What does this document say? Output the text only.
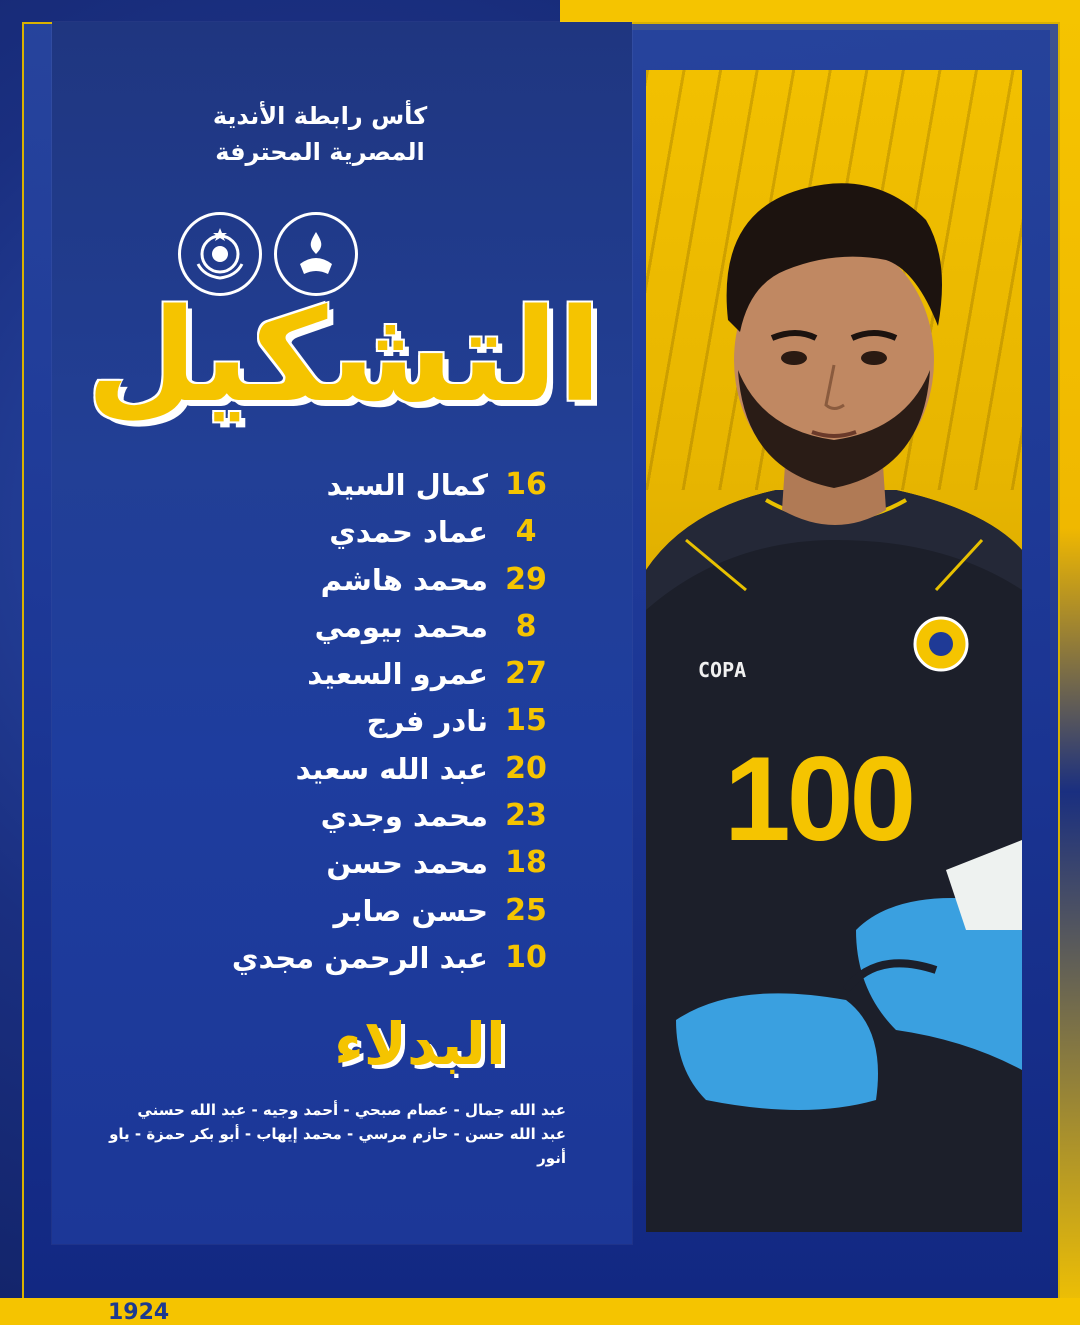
كأس رابطة الأندية
المصرية المحترفة
التشكيل
16
كمال السيد
4
عماد حمدي
29
محمد هاشم
8
محمد بيومي
27
عمرو السعيد
15
نادر فرج
20
عبد الله سعيد
23
محمد وجدي
18
محمد حسن
25
حسن صابر
10
عبد الرحمن مجدي
البدلاء
عبد الله جمال - عصام صبحي - أحمد وجيه - عبد الله حسني
عبد الله حسن - حازم مرسي - محمد إيهاب - أبو بكر حمزة - ياو أنور
COPA
100
1924
